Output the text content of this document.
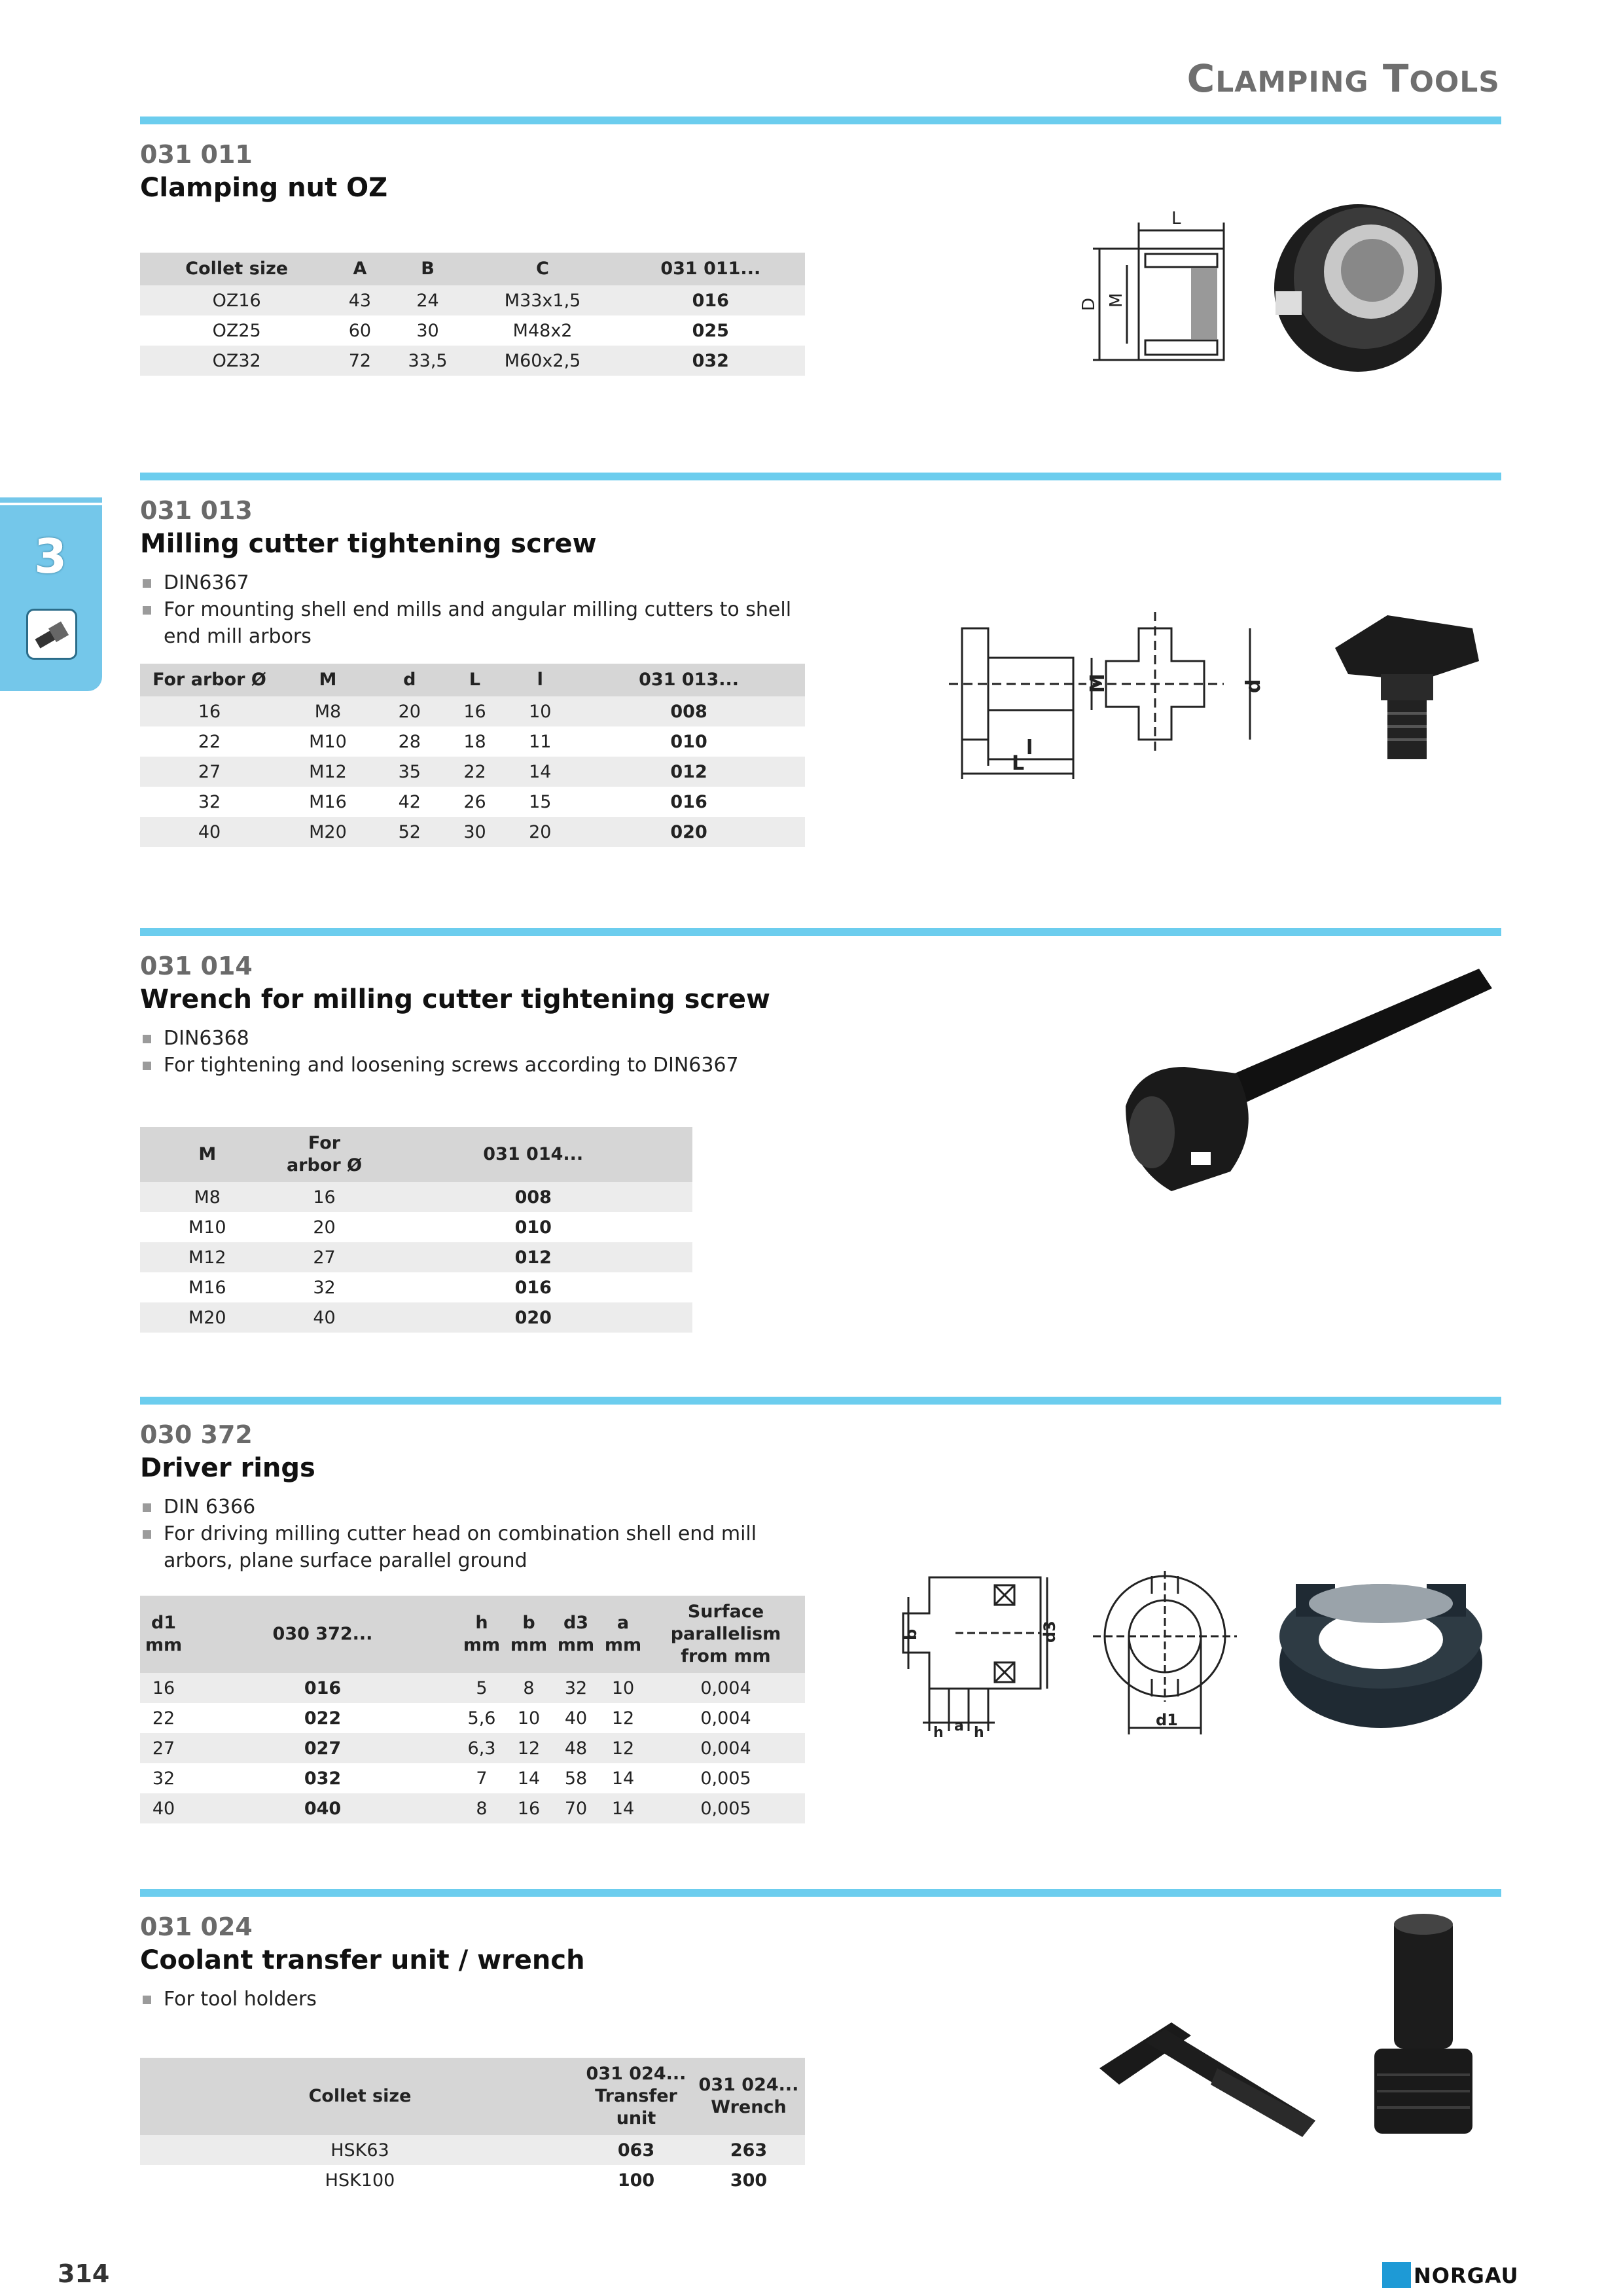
CLAMPING TOOLS
3
031 011
Clamping nut OZ
Collet size	A	B	C	031 011...
OZ16	43	24	M33x1,5	016
OZ25	60	30	M48x2	025
OZ32	72	33,5	M60x2,5	032
L
D M
031 013
Milling cutter tightening screw
DIN6367
For mounting shell end mills and angular milling cutters to shell end mill arbors
For arbor Ø	M	d	L	l	031 013...
16	M8	20	16	10	008
22	M10	28	18	11	010
27	M12	35	22	14	012
32	M16	42	26	15	016
40	M20	52	30	20	020
M	d
l
L
031 014
Wrench for milling cutter tightening screw
DIN6368
For tightening and loosening screws according to DIN6367
M	For arbor Ø	031 014...
M8	16	008
M10	20	010
M12	27	012
M16	32	016
M20	40	020
030 372
Driver rings
DIN 6366
For driving milling cutter head on combination shell end mill arbors, plane surface parallel ground
d1 mm	030 372...	h mm	b mm	d3 mm	a mm	Surface parallelism from mm
16	016	5	8	32	10	0,004
22	022	5,6	10	40	12	0,004
27	027	6,3	12	48	12	0,004
32	032	7	14	58	14	0,005
40	040	8	16	70	14	0,005
b	d3
h a h
d1
031 024
Coolant transfer unit / wrench
For tool holders
Collet size	031 024... Transfer unit	031 024... Wrench
HSK63	063	263
HSK100	100	300
314	NORGAU
